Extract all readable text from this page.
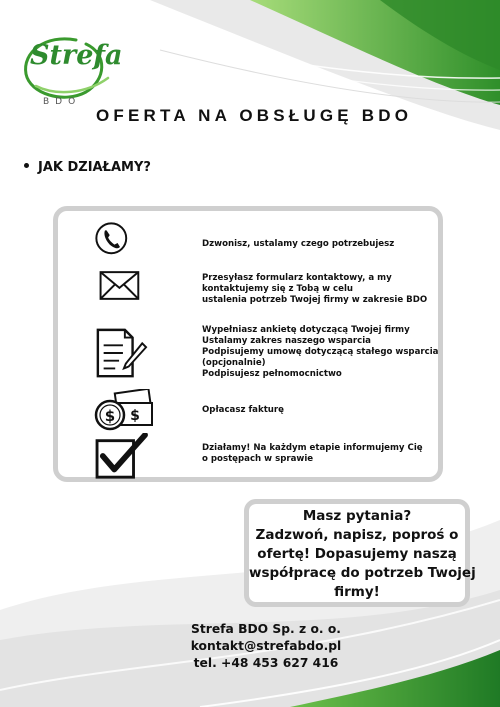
Strefa
BDO
OFERTA NA OBSŁUGĘ BDO
JAK DZIAŁAMY?
Dzwonisz, ustalamy czego potrzebujesz
Przesyłasz formularz kontaktowy, a my
kontaktujemy się z Tobą w celu
ustalenia potrzeb Twojej firmy w zakresie BDO
Wypełniasz ankietę dotyczącą Twojej firmy
Ustalamy zakres naszego wsparcia
Podpisujemy umowę dotyczącą stałego wsparcia
(opcjonalnie)
Podpisujesz pełnomocnictwo
$
$	Opłacasz fakturę
Działamy! Na każdym etapie informujemy Cię
o postępach w sprawie
Masz pytania?
Zadzwoń, napisz, poproś o
ofertę! Dopasujemy naszą
współpracę do potrzeb Twojej
firmy!
Strefa BDO Sp. z o. o.
kontakt@strefabdo.pl
tel. +48 453 627 416
